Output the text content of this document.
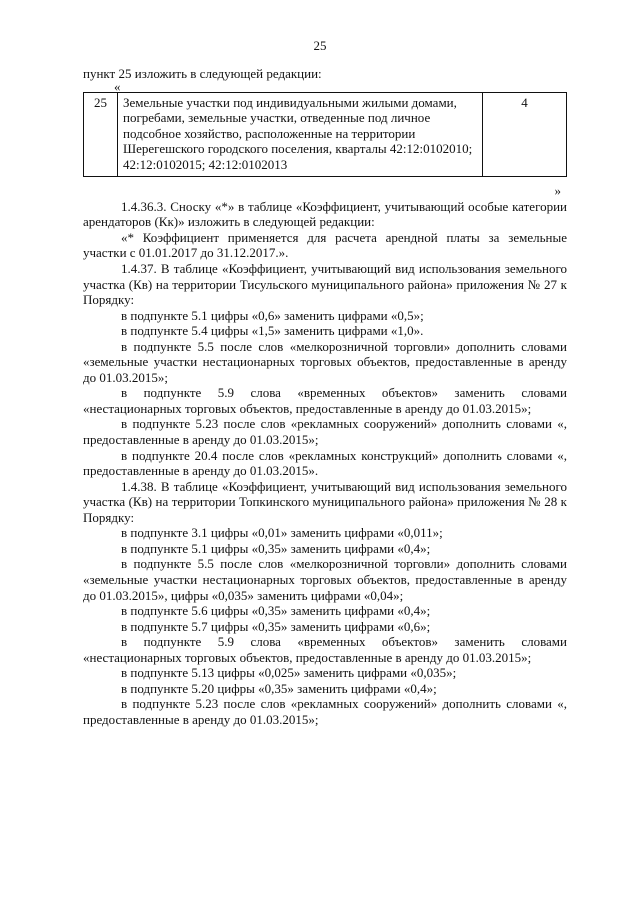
25

пункт 25 изложить в следующей редакции:

«

25	Земельные участки под индивидуальными жилыми домами, погребами, земельные участки, отведенные под личное подсобное хозяйство, расположенные на территории Шерегешского городского поселения, кварталы 42:12:0102010; 42:12:0102015; 42:12:0102013	4

»

1.4.36.3. Сноску «*» в таблице «Коэффициент, учитывающий особые категории арендаторов (Кк)» изложить в следующей редакции:

«* Коэффициент применяется для расчета арендной платы за земельные участки с 01.01.2017 до 31.12.2017.».

1.4.37. В таблице «Коэффициент, учитывающий вид использования земельного участка (Кв) на территории Тисульского муниципального района» приложения № 27 к Порядку:

в подпункте 5.1 цифры «0,6» заменить цифрами «0,5»;

в подпункте 5.4 цифры «1,5» заменить цифрами «1,0».

в подпункте 5.5 после слов «мелкорозничной торговли» дополнить словами «земельные участки нестационарных торговых объектов, предоставленные в аренду до 01.03.2015»;

в подпункте 5.9 слова «временных объектов» заменить словами «нестационарных торговых объектов, предоставленные в аренду до 01.03.2015»;

в подпункте 5.23 после слов «рекламных сооружений» дополнить словами «, предоставленные в аренду до 01.03.2015»;

в подпункте 20.4 после слов «рекламных конструкций» дополнить словами «, предоставленные в аренду до 01.03.2015».

1.4.38. В таблице «Коэффициент, учитывающий вид использования земельного участка (Кв) на территории Топкинского муниципального района» приложения № 28 к Порядку:

в подпункте 3.1 цифры «0,01» заменить цифрами «0,011»;

в подпункте 5.1 цифры «0,35» заменить цифрами «0,4»;

в подпункте 5.5 после слов «мелкорозничной торговли» дополнить словами «земельные участки нестационарных торговых объектов, предоставленные в аренду до 01.03.2015», цифры «0,035» заменить цифрами «0,04»;

в подпункте 5.6 цифры «0,35» заменить цифрами «0,4»;

в подпункте 5.7 цифры «0,35» заменить цифрами «0,6»;

в подпункте 5.9 слова «временных объектов» заменить словами «нестационарных торговых объектов, предоставленные в аренду до 01.03.2015»;

в подпункте 5.13 цифры «0,025» заменить цифрами «0,035»;

в подпункте 5.20 цифры «0,35» заменить цифрами «0,4»;

в подпункте 5.23 после слов «рекламных сооружений» дополнить словами «, предоставленные в аренду до 01.03.2015»;
